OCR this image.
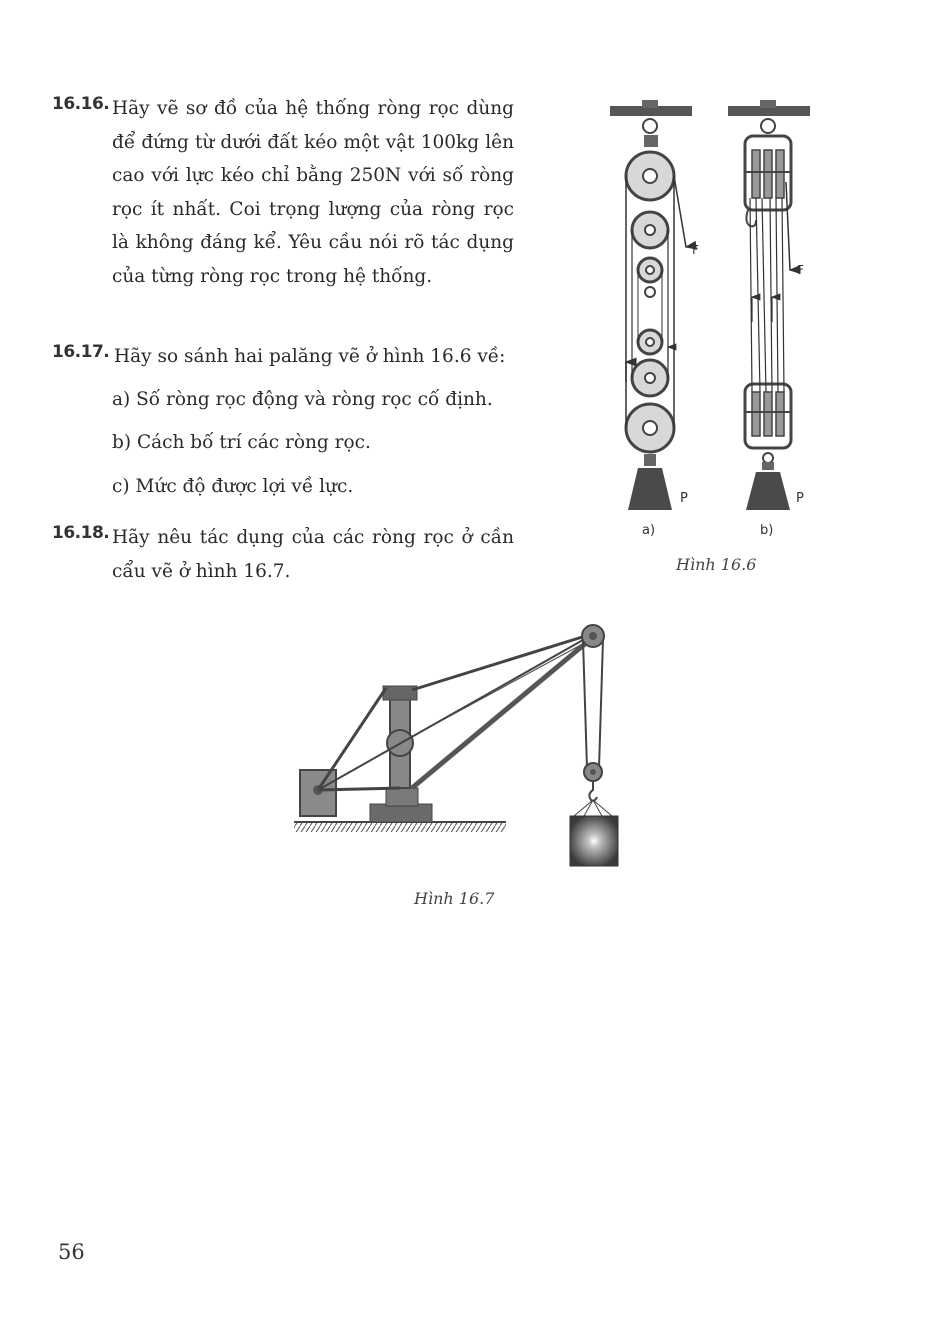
16.16. Hãy vẽ sơ đồ của hệ thống ròng rọc dùng để đứng từ dưới đất kéo một vật 100kg lên cao với lực kéo chỉ bằng 250N với số ròng rọc ít nhất. Coi trọng lượng của ròng rọc là không đáng kể. Yêu cầu nói rõ tác dụng của từng ròng rọc trong hệ thống.

16.17. Hãy so sánh hai palăng vẽ ở hình 16.6 về:

a) Số ròng rọc động và ròng rọc cố định.
b) Cách bố trí các ròng rọc.
c) Mức độ được lợi về lực.
16.18. Hãy nêu tác dụng của các ròng rọc ở cần cẩu vẽ ở hình 16.7.

F
P
a)
F
P
b)
Hình 16.6
Hình 16.7
56
